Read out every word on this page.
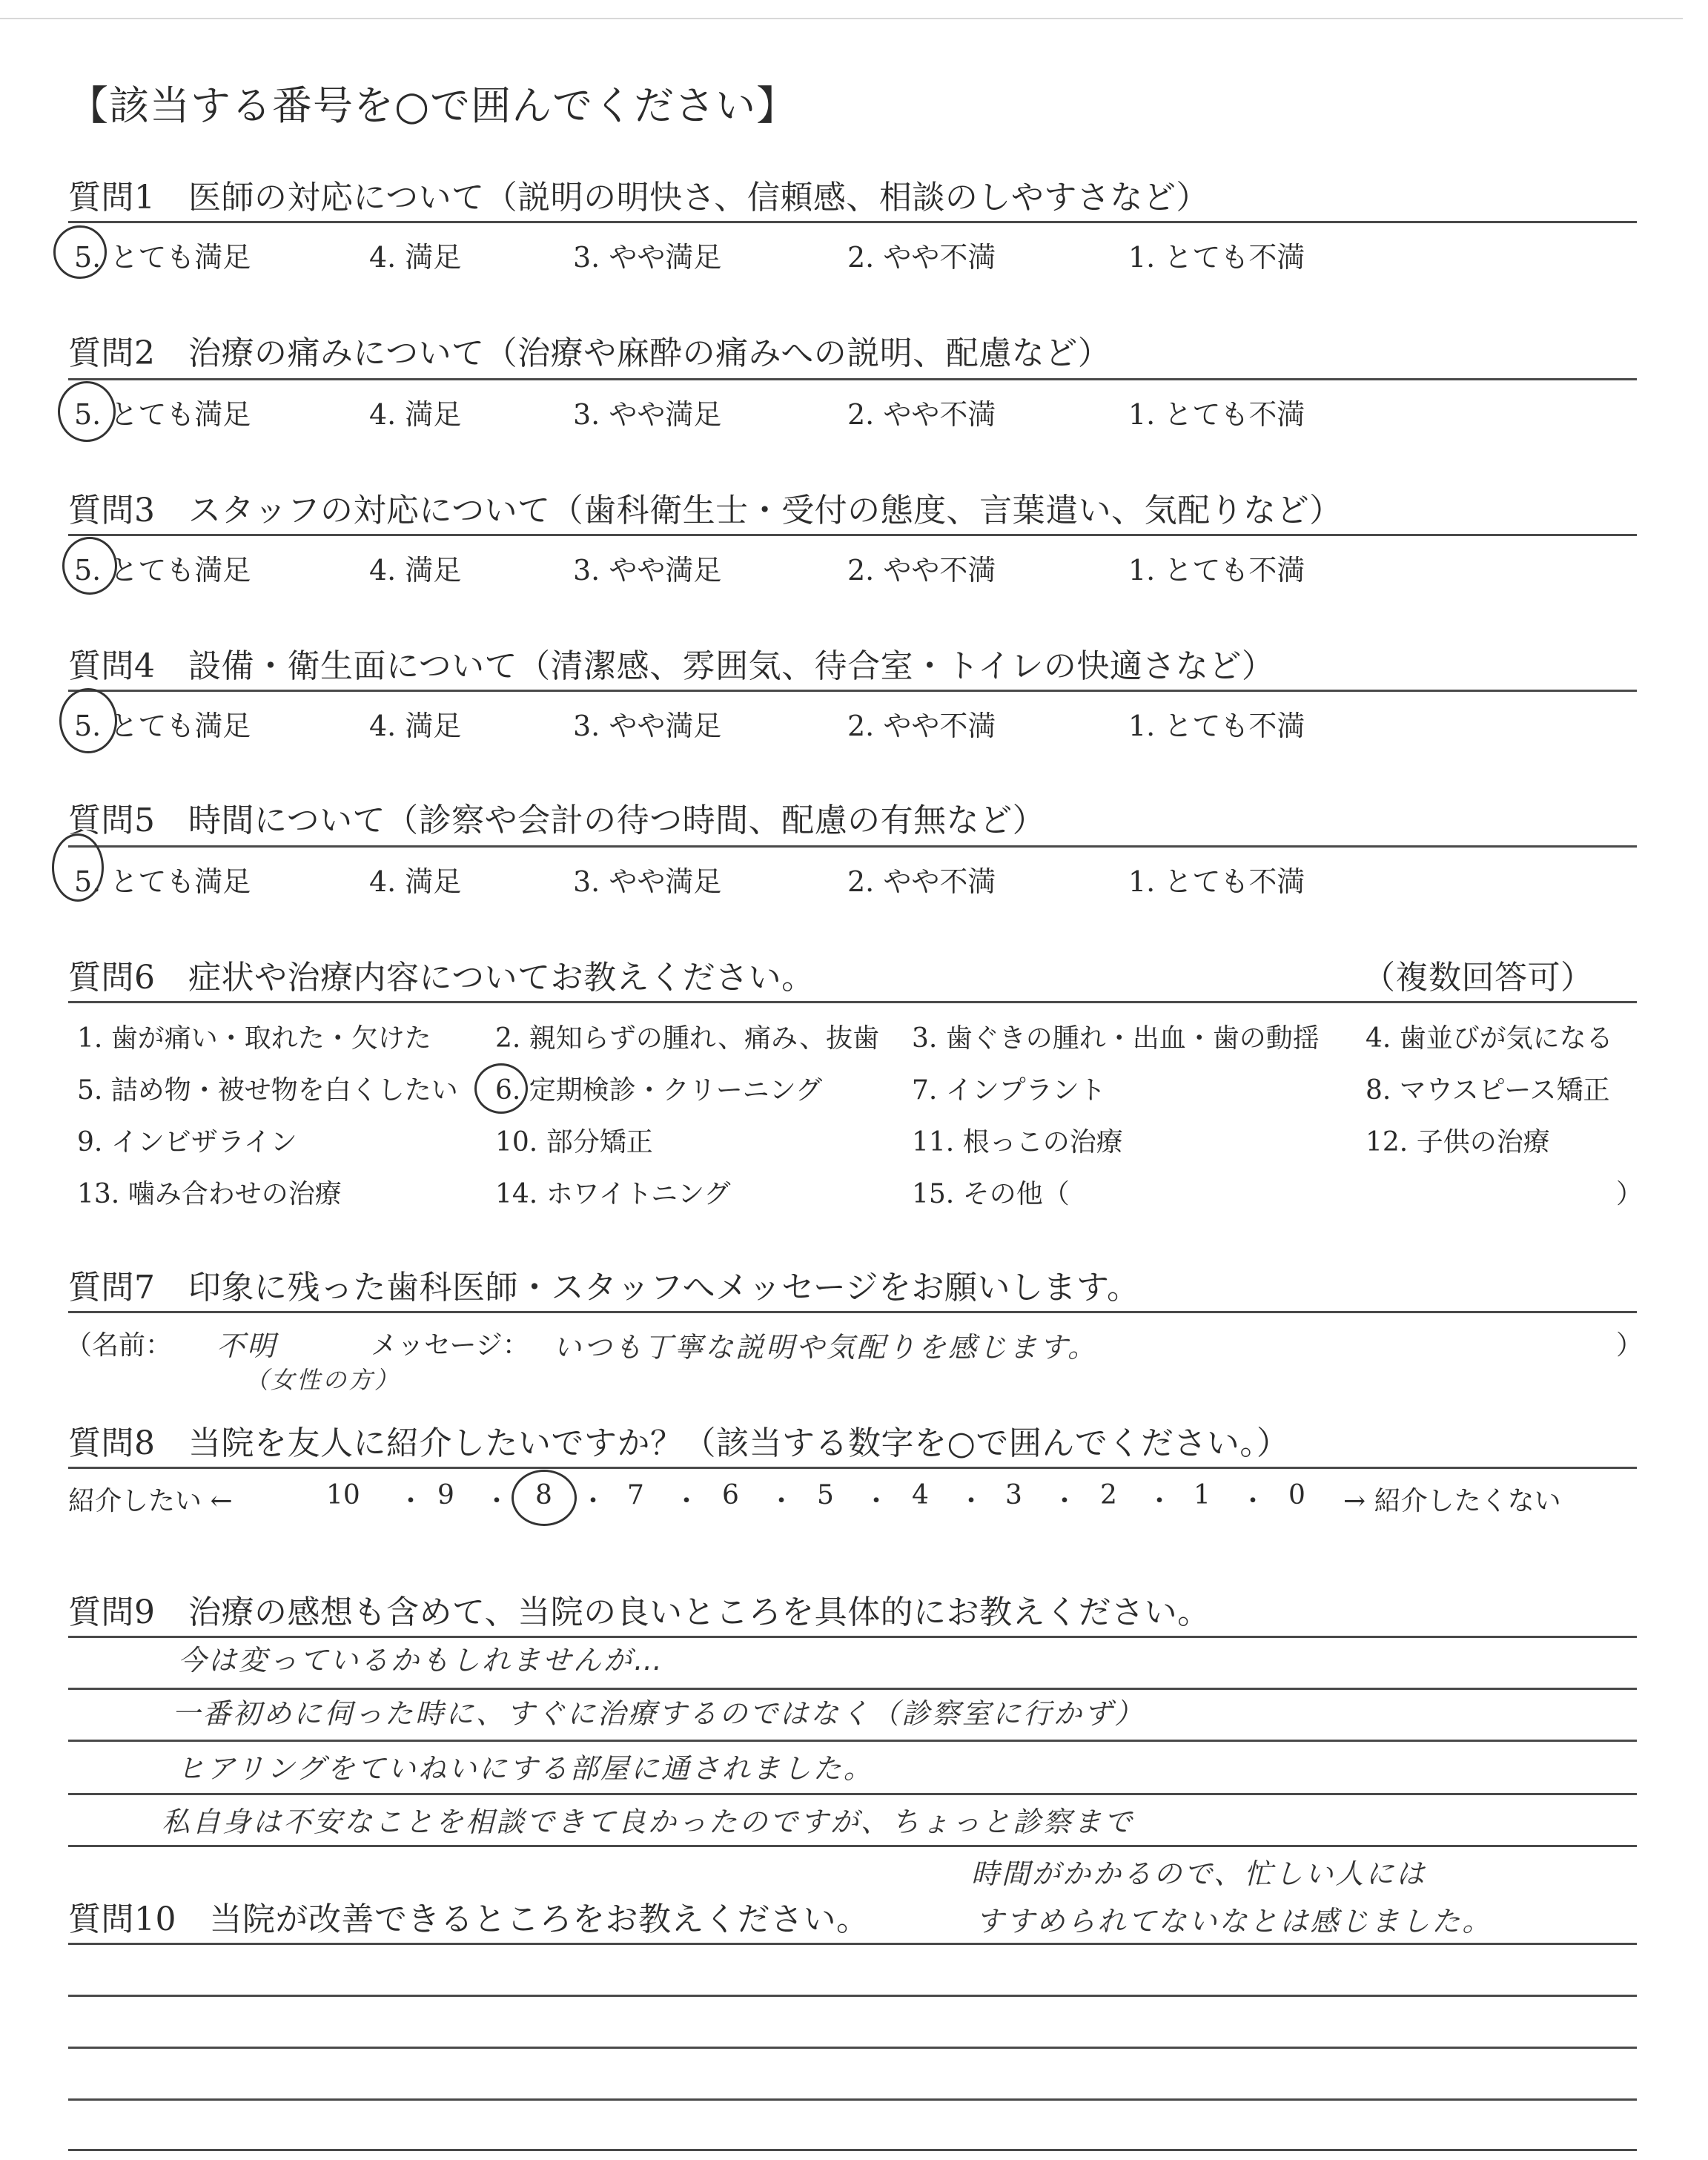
【該当する番号を○で囲んでください】
質問1　医師の対応について（説明の明快さ、信頼感、相談のしやすさなど）
5. とても満足	4. 満足	3. やや満足	2. やや不満	1. とても不満
質問2　治療の痛みについて（治療や麻酔の痛みへの説明、配慮など）
5. とても満足	4. 満足	3. やや満足	2. やや不満	1. とても不満
質問3　スタッフの対応について（歯科衛生士・受付の態度、言葉遣い、気配りなど）
5. とても満足	4. 満足	3. やや満足	2. やや不満	1. とても不満
質問4　設備・衛生面について（清潔感、雰囲気、待合室・トイレの快適さなど）
5. とても満足	4. 満足	3. やや満足	2. やや不満	1. とても不満
質問5　時間について（診察や会計の待つ時間、配慮の有無など）
5. とても満足	4. 満足	3. やや満足	2. やや不満	1. とても不満
質問6　症状や治療内容についてお教えください。	（複数回答可）
1. 歯が痛い・取れた・欠けた 2. 親知らずの腫れ、痛み、抜歯 3. 歯ぐきの腫れ・出血・歯の動揺 4. 歯並びが気になる
5. 詰め物・被せ物を白くしたい 6. 定期検診・クリーニング	7. インプラント	8. マウスピース矯正
9. インビザライン	10. 部分矯正	11. 根っこの治療	12. 子供の治療
13. 噛み合わせの治療	14. ホワイトニング	15. その他（	）
質問7　印象に残った歯科医師・スタッフへメッセージをお願いします。
（名前： 不明
（女性の方）
メッセージ： いつも丁寧な説明や気配りを感じます。	）
質問8　当院を友人に紹介したいですか？（該当する数字を○で囲んでください。）
紹介したい ←	10 ・ 9 ・ 8 ・ 7 ・ 6 ・ 5 ・ 4 ・ 3 ・ 2 ・ 1 ・ 0 → 紹介したくない
質問9　治療の感想も含めて、当院の良いところを具体的にお教えください。
今は変っているかもしれませんが…
一番初めに伺った時に、すぐに治療するのではなく（診察室に行かず）
ヒアリングをていねいにする部屋に通されました。
私自身は不安なことを相談できて良かったのですが、ちょっと診察まで
時間がかかるので、忙しい人には
質問10　当院が改善できるところをお教えください。	すすめられてないなとは感じました。
